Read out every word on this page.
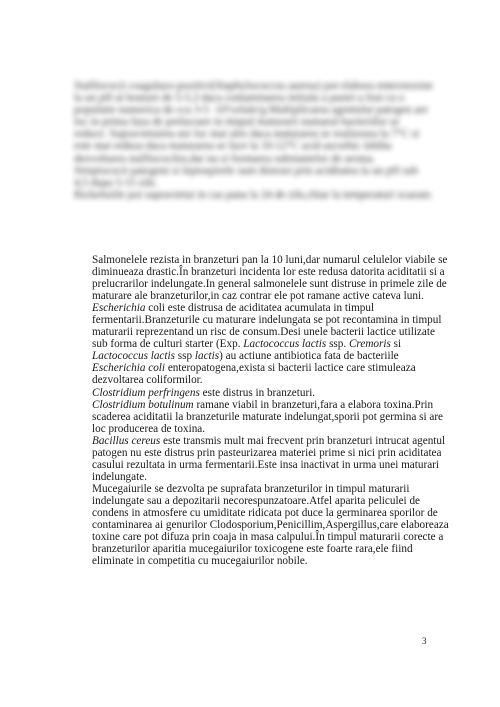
Stafilococii coagulazo-pozitivi(Staphylococcus aureus) pot elabora enterotoxine la un pH al branzei de 5-5,3 daca contaminarea initiala a pastei a fost cu o populatie numerica de cca 3-5 ·10⁶celule/g.Multiplicarea agentului patogen are loc in prima faza de prelucrare in timpul maturarii numarul bacteriilor se reduce. Supravietuirea are loc mai ales daca maturarea se realizeaza la 7°C si este mai redusa daca maturarea se face la 10-12°C acid ascorbic inhiba dezvoltarea stafilococilor,dar nu si formarea substantelor de aroma.
Streptococii patogeni si leptospirele sunt distrusi prin aciditatea la un pH sub 4,5 dupa 5-15 zile.
Rickettsiile pot supravietui in cas pana la 24 de zile,chiar la temperaturi scazute.

Salmonelele rezista in branzeturi pan la 10 luni,dar numarul celulelor viabile se diminueaza drastic.În branzeturi incidenta lor este redusa datorita aciditatii si a prelucrarilor indelungate.In general salmonelele sunt distruse in primele zile de maturare ale branzeturilor,in caz contrar ele pot ramane active cateva luni.

Escherichia coli este distrusa de aciditatea acumulata in timpul fermentarii.Branzeturile cu maturare indelungata se pot recontamina in timpul maturarii reprezentand un risc de consum.Desi unele bacterii lactice utilizate sub forma de culturi starter (Exp. Lactococcus lactis ssp. Cremoris si Lactococcus lactis ssp lactis) au actiune antibiotica fata de bacteriile

Escherichia coli enteropatogena,exista si bacterii lactice care stimuleaza dezvoltarea coliformilor.

Clostridium perfringens este distrus in branzeturi.

Clostridium botulinum ramane viabil in branzeturi,fara a elabora toxina.Prin scaderea aciditatii la branzeturile maturate indelungat,sporii pot germina si are loc producerea de toxina.

Bacillus cereus este transmis mult mai frecvent prin branzeturi intrucat agentul patogen nu este distrus prin pasteurizarea materiei prime si nici prin aciditatea casului rezultata in urma fermentarii.Este insa inactivat in urma unei maturari indelungate.

Mucegaiurile se dezvolta pe suprafata branzeturilor in timpul maturarii indelungate sau a depozitarii necorespunzatoare.Atfel aparita peliculei de condens in atmosfere cu umiditate ridicata pot duce la germinarea sporilor de contaminarea ai genurilor Clodosporium,Penicillim,Aspergillus,care elaboreaza toxine care pot difuza prin coaja in masa calpului.În timpul maturarii corecte a branzeturilor aparitia mucegaiurilor toxicogene este foarte rara,ele fiind eliminate in competitia cu mucegaiurilor nobile.

3
